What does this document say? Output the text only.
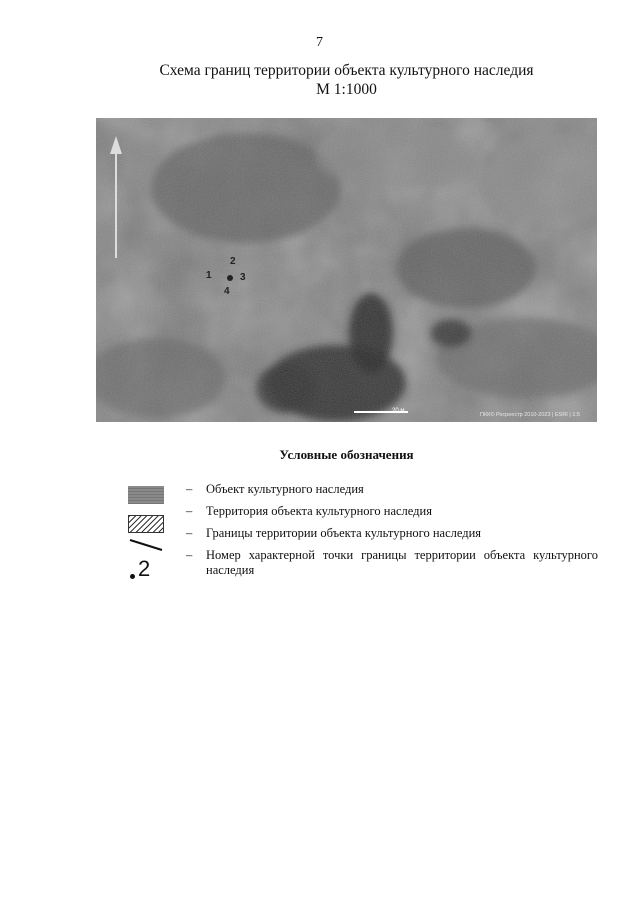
7
Схема границ территории объекта культурного наследия
М 1:1000
1
2
3
4
20 м
ПКК© Росреестр 2010-2023 | ESRI | 1:5
Условные обозначения
2
– Объект культурного наследия
– Территория объекта культурного наследия
– Границы территории объекта культурного наследия
– Номер характерной точки границы территории объекта культурного наследия
